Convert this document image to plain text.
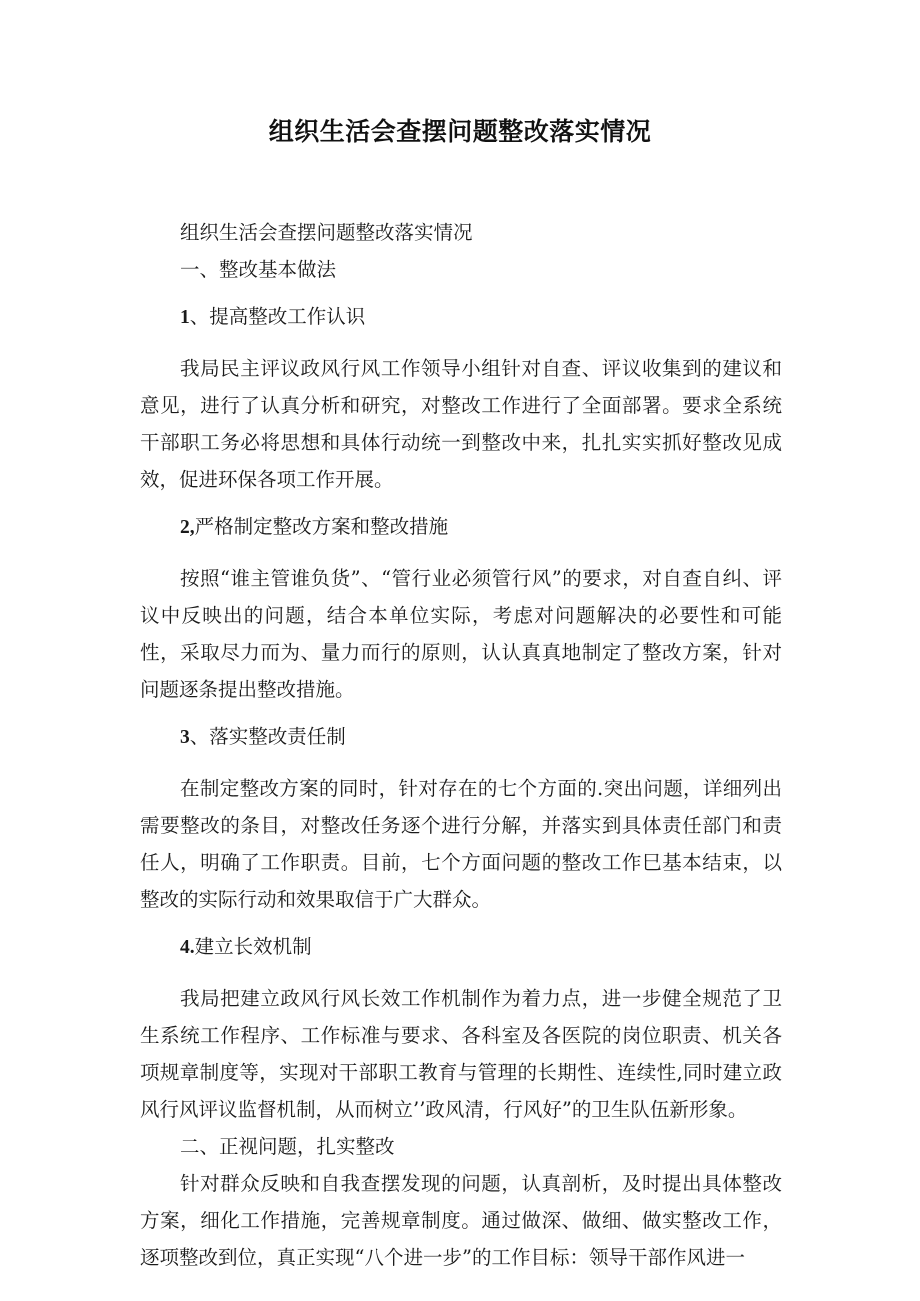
组织生活会查摆问题整改落实情况

组织生活会查摆问题整改落实情况

一、整改基本做法

1、提高整改工作认识

我局民主评议政风行风工作领导小组针对自查、评议收集到的建议和意见，进行了认真分析和研究，对整改工作进行了全面部署。要求全系统干部职工务必将思想和具体行动统一到整改中来，扎扎实实抓好整改见成效，促进环保各项工作开展。

2,严格制定整改方案和整改措施

按照“谁主管谁负货”、“管行业必须管行风”的要求，对自查自纠、评议中反映出的问题，结合本单位实际，考虑对问题解决的必要性和可能性，采取尽力而为、量力而行的原则，认认真真地制定了整改方案，针对问题逐条提出整改措施。

3、落实整改责任制

在制定整改方案的同时，针对存在的七个方面的.突出问题，详细列出需要整改的条目，对整改任务逐个进行分解，并落实到具体责任部门和责任人，明确了工作职责。目前，七个方面问题的整改工作巳基本结束，以整改的实际行动和效果取信于广大群众。

4.建立长效机制

我局把建立政风行风长效工作机制作为着力点，进一步健全规范了卫生系统工作程序、工作标准与要求、各科室及各医院的岗位职责、机关各项规章制度等，实现对干部职工教育与管理的长期性、连续性,同时建立政风行风评议监督机制，从而树立’’政风清，行风好”的卫生队伍新形象。

二、正视问题，扎实整改

针对群众反映和自我查摆发现的问题，认真剖析，及时提出具体整改方案，细化工作措施，完善规章制度。通过做深、做细、做实整改工作，逐项整改到位，真正实现“八个进一步”的工作目标：领导干部作风进一
